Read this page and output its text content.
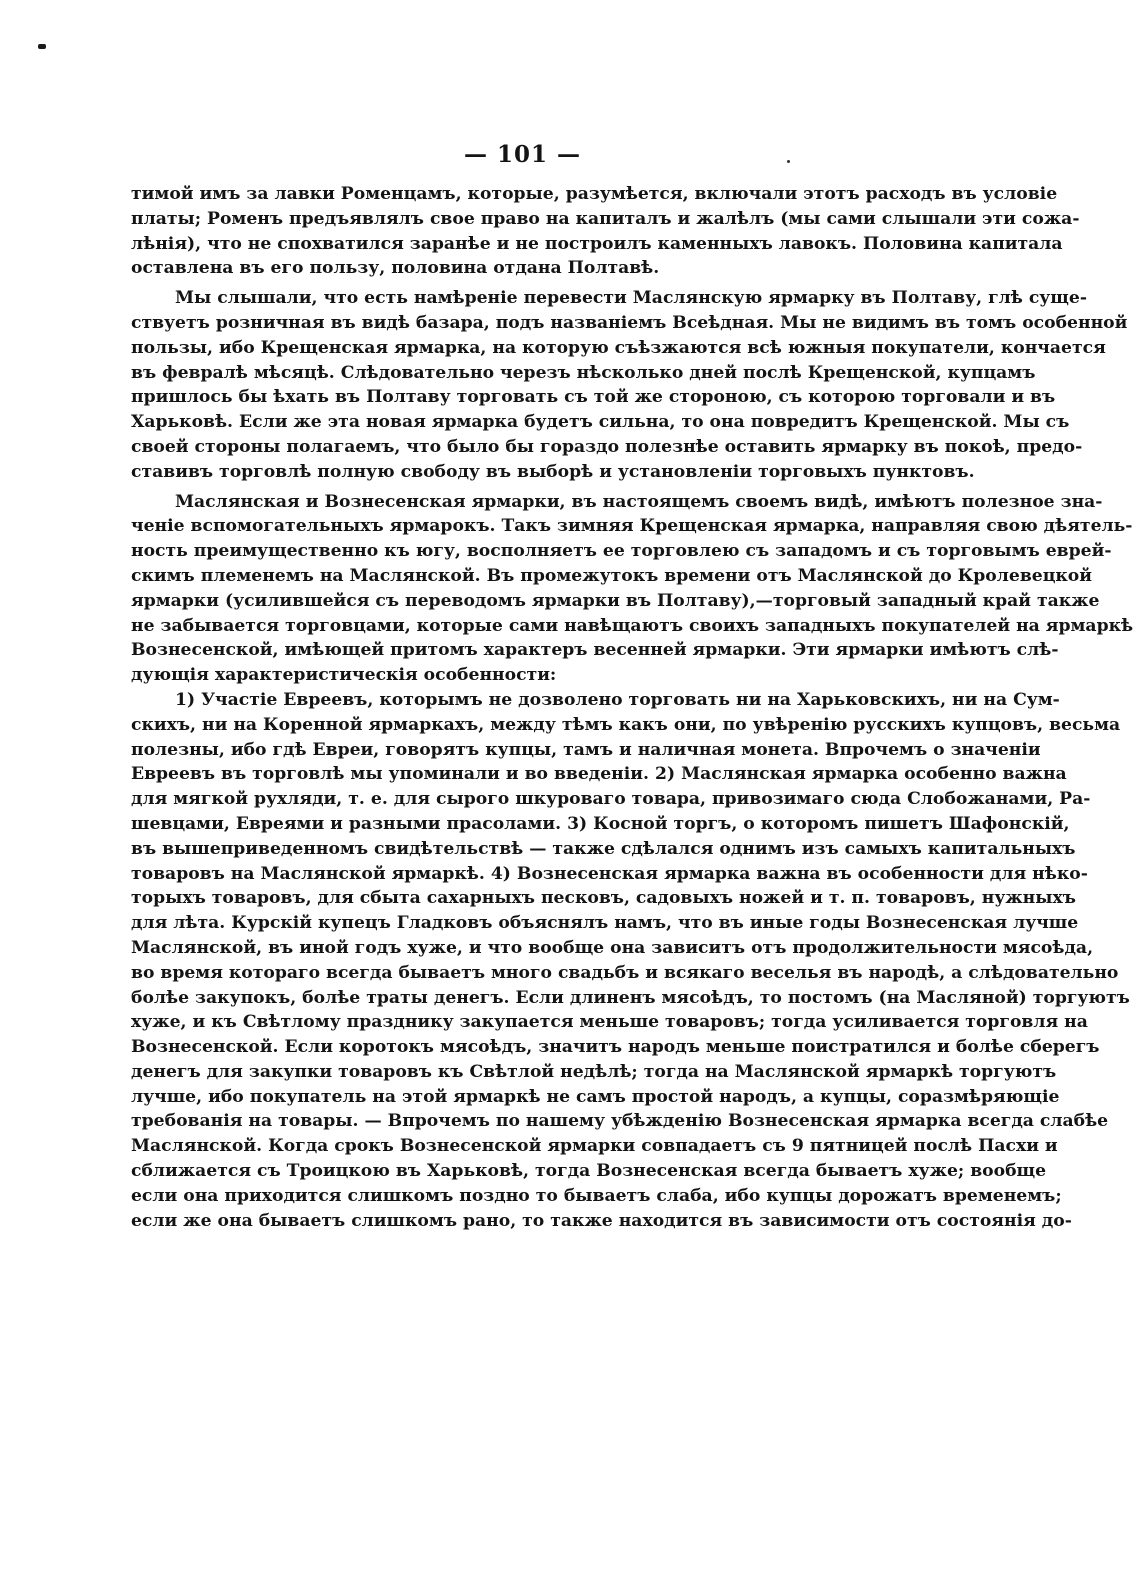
— 101 —
тимой имъ за лавки Роменцамъ, которые, разумѣется, включали этотъ расходъ въ условіе
платы; Роменъ предъявлялъ свое право на капиталъ и жалѣлъ (мы сами слышали эти сожа-
лѣнія), что не спохватился заранѣе и не построилъ каменныхъ лавокъ. Половина капитала
оставлена въ его пользу, половина отдана Полтавѣ.
Мы слышали, что есть намѣреніе перевести Маслянскую ярмарку въ Полтаву, глѣ суще-
ствуетъ розничная въ видѣ базара, подъ названіемъ Всеѣдная. Мы не видимъ въ томъ особенной
пользы, ибо Крещенская ярмарка, на которую съѣзжаются всѣ южныя покупатели, кончается
въ февралѣ мѣсяцѣ. Слѣдовательно черезъ нѣсколько дней послѣ Крещенской, купцамъ
пришлось бы ѣхать въ Полтаву торговать съ той же стороною, съ которою торговали и въ
Харьковѣ. Если же эта новая ярмарка будетъ сильна, то она повредитъ Крещенской. Мы съ
своей стороны полагаемъ, что было бы гораздо полезнѣе оставить ярмарку въ покоѣ, предо-
ставивъ торговлѣ полную свободу въ выборѣ и установленіи торговыхъ пунктовъ.
Маслянская и Вознесенская ярмарки, въ настоящемъ своемъ видѣ, имѣютъ полезное зна-
ченіе вспомогательныхъ ярмарокъ. Такъ зимняя Крещенская ярмарка, направляя свою дѣятель-
ность преимущественно къ югу, восполняетъ ее торговлею съ западомъ и съ торговымъ еврей-
скимъ племенемъ на Маслянской. Въ промежутокъ времени отъ Маслянской до Кролевецкой
ярмарки (усилившейся съ переводомъ ярмарки въ Полтаву),—торговый западный край также
не забывается торговцами, которые сами навѣщаютъ своихъ западныхъ покупателей на ярмаркѣ
Вознесенской, имѣющей притомъ характеръ весенней ярмарки. Эти ярмарки имѣютъ слѣ-
дующія характеристическія особенности:
1) Участіе Евреевъ, которымъ не дозволено торговать ни на Харьковскихъ, ни на Сум-
скихъ, ни на Коренной ярмаркахъ, между тѣмъ какъ они, по увѣренію русскихъ купцовъ, весьма
полезны, ибо гдѣ Евреи, говорятъ купцы, тамъ и наличная монета. Впрочемъ о значеніи
Евреевъ въ торговлѣ мы упоминали и во введеніи. 2) Маслянская ярмарка особенно важна
для мягкой рухляди, т. е. для сырого шкуроваго товара, привозимаго сюда Слобожанами, Ра-
шевцами, Евреями и разными прасолами. 3) Косной торгъ, о которомъ пишетъ Шафонскій,
въ вышеприведенномъ свидѣтельствѣ — также сдѣлался однимъ изъ самыхъ капитальныхъ
товаровъ на Маслянской ярмаркѣ. 4) Вознесенская ярмарка важна въ особенности для нѣко-
торыхъ товаровъ, для сбыта сахарныхъ песковъ, садовыхъ ножей и т. п. товаровъ, нужныхъ
для лѣта. Курскій купецъ Гладковъ объяснялъ намъ, что въ иные годы Вознесенская лучше
Маслянской, въ иной годъ хуже, и что вообще она зависитъ отъ продолжительности мясоѣда,
во время котораго всегда бываетъ много свадьбъ и всякаго веселья въ народѣ, а слѣдовательно
болѣе закупокъ, болѣе траты денегъ. Если длиненъ мясоѣдъ, то постомъ (на Масляной) торгуютъ
хуже, и къ Свѣтлому празднику закупается меньше товаровъ; тогда усиливается торговля на
Вознесенской. Если коротокъ мясоѣдъ, значитъ народъ меньше поистратился и болѣе сберегъ
денегъ для закупки товаровъ къ Свѣтлой недѣлѣ; тогда на Маслянской ярмаркѣ торгуютъ
лучше, ибо покупатель на этой ярмаркѣ не самъ простой народъ, а купцы, соразмѣряющіе
требованія на товары. — Впрочемъ по нашему убѣжденію Вознесенская ярмарка всегда слабѣе
Маслянской. Когда срокъ Вознесенской ярмарки совпадаетъ съ 9 пятницей послѣ Пасхи и
сближается съ Троицкою въ Харьковѣ, тогда Вознесенская всегда бываетъ хуже; вообще
если она приходится слишкомъ поздно то бываетъ слаба, ибо купцы дорожатъ временемъ;
если же она бываетъ слишкомъ рано, то также находится въ зависимости отъ состоянія до-
